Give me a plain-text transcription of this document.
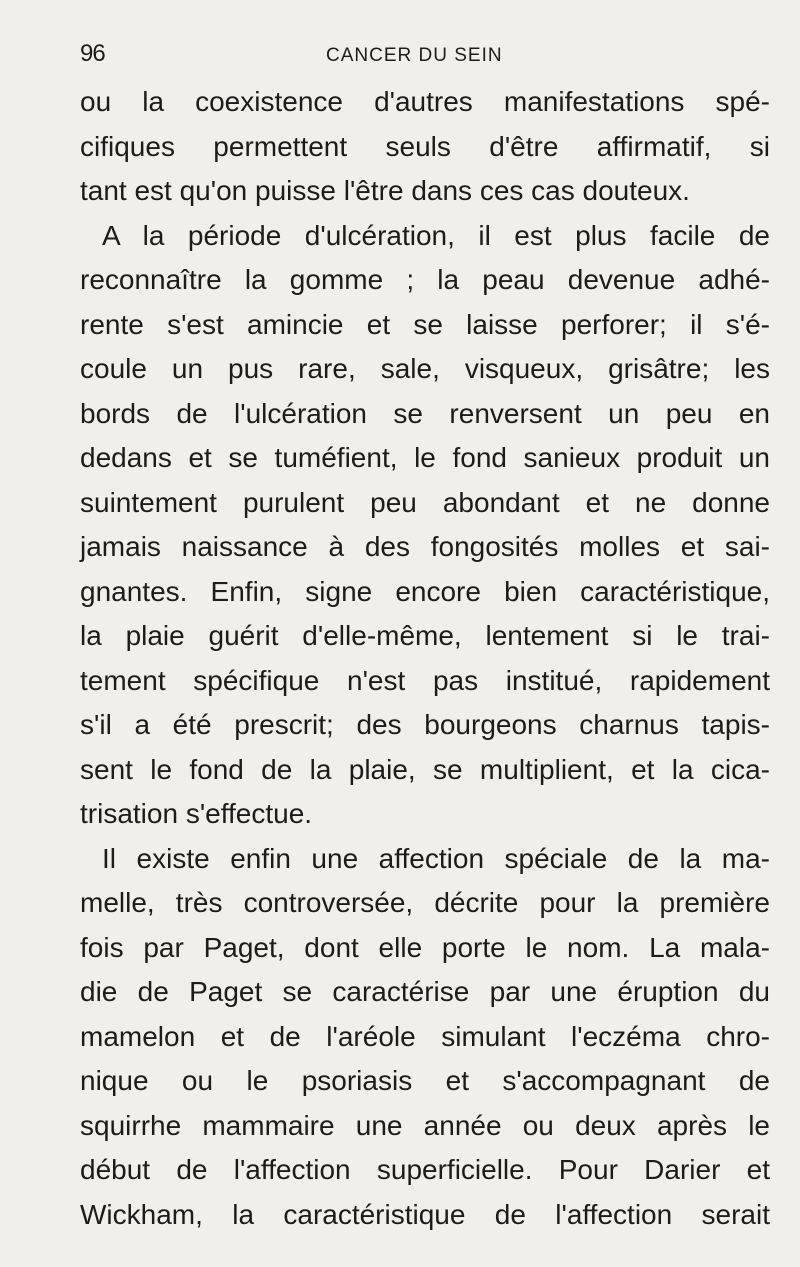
96	CANCER DU SEIN
ou la coexistence d'autres manifestations spé-
cifiques permettent seuls d'être affirmatif, si
tant est qu'on puisse l'être dans ces cas douteux.
A la période d'ulcération, il est plus facile de
reconnaître la gomme ; la peau devenue adhé-
rente s'est amincie et se laisse perforer; il s'é-
coule un pus rare, sale, visqueux, grisâtre; les
bords de l'ulcération se renversent un peu en
dedans et se tuméfient, le fond sanieux produit un
suintement purulent peu abondant et ne donne
jamais naissance à des fongosités molles et sai-
gnantes. Enfin, signe encore bien caractéristique,
la plaie guérit d'elle-même, lentement si le trai-
tement spécifique n'est pas institué, rapidement
s'il a été prescrit; des bourgeons charnus tapis-
sent le fond de la plaie, se multiplient, et la cica-
trisation s'effectue.
Il existe enfin une affection spéciale de la ma-
melle, très controversée, décrite pour la première
fois par Paget, dont elle porte le nom. La mala-
die de Paget se caractérise par une éruption du
mamelon et de l'aréole simulant l'eczéma chro-
nique ou le psoriasis et s'accompagnant de
squirrhe mammaire une année ou deux après le
début de l'affection superficielle. Pour Darier et
Wickham, la caractéristique de l'affection serait
